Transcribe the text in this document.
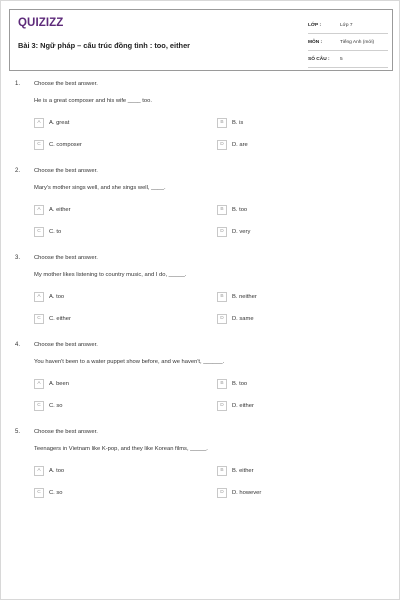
QUIZIZZ
Bài 3: Ngữ pháp – cấu trúc đồng tình : too, either
LỚP :	Lớp 7
MÔN :	Tiếng Anh (mới)
SỐ CÂU : 5
1. Choose the best answer.
He is a great composer and his wife ____ too.
A	A. great	B	B. is
C	C. composer	D	D. are
2. Choose the best answer.
Mary's mother sings well, and she sings well, ____.
A	A. either	B	B. too
C	C. to	D	D. very
3. Choose the best answer.
My mother likes listening to country music, and I do, _____.
A	A. too	B	B. neither
C	C. either	D	D. same
4. Choose the best answer.
You haven't been to a water puppet show before, and we haven't, ______.
A	A. been	B	B. too
C	C. so	D	D. either
5. Choose the best answer.
Teenagers in Vietnam like K-pop, and they like Korean films, _____.
A	A. too	B	B. either
C	C. so	D	D. however
